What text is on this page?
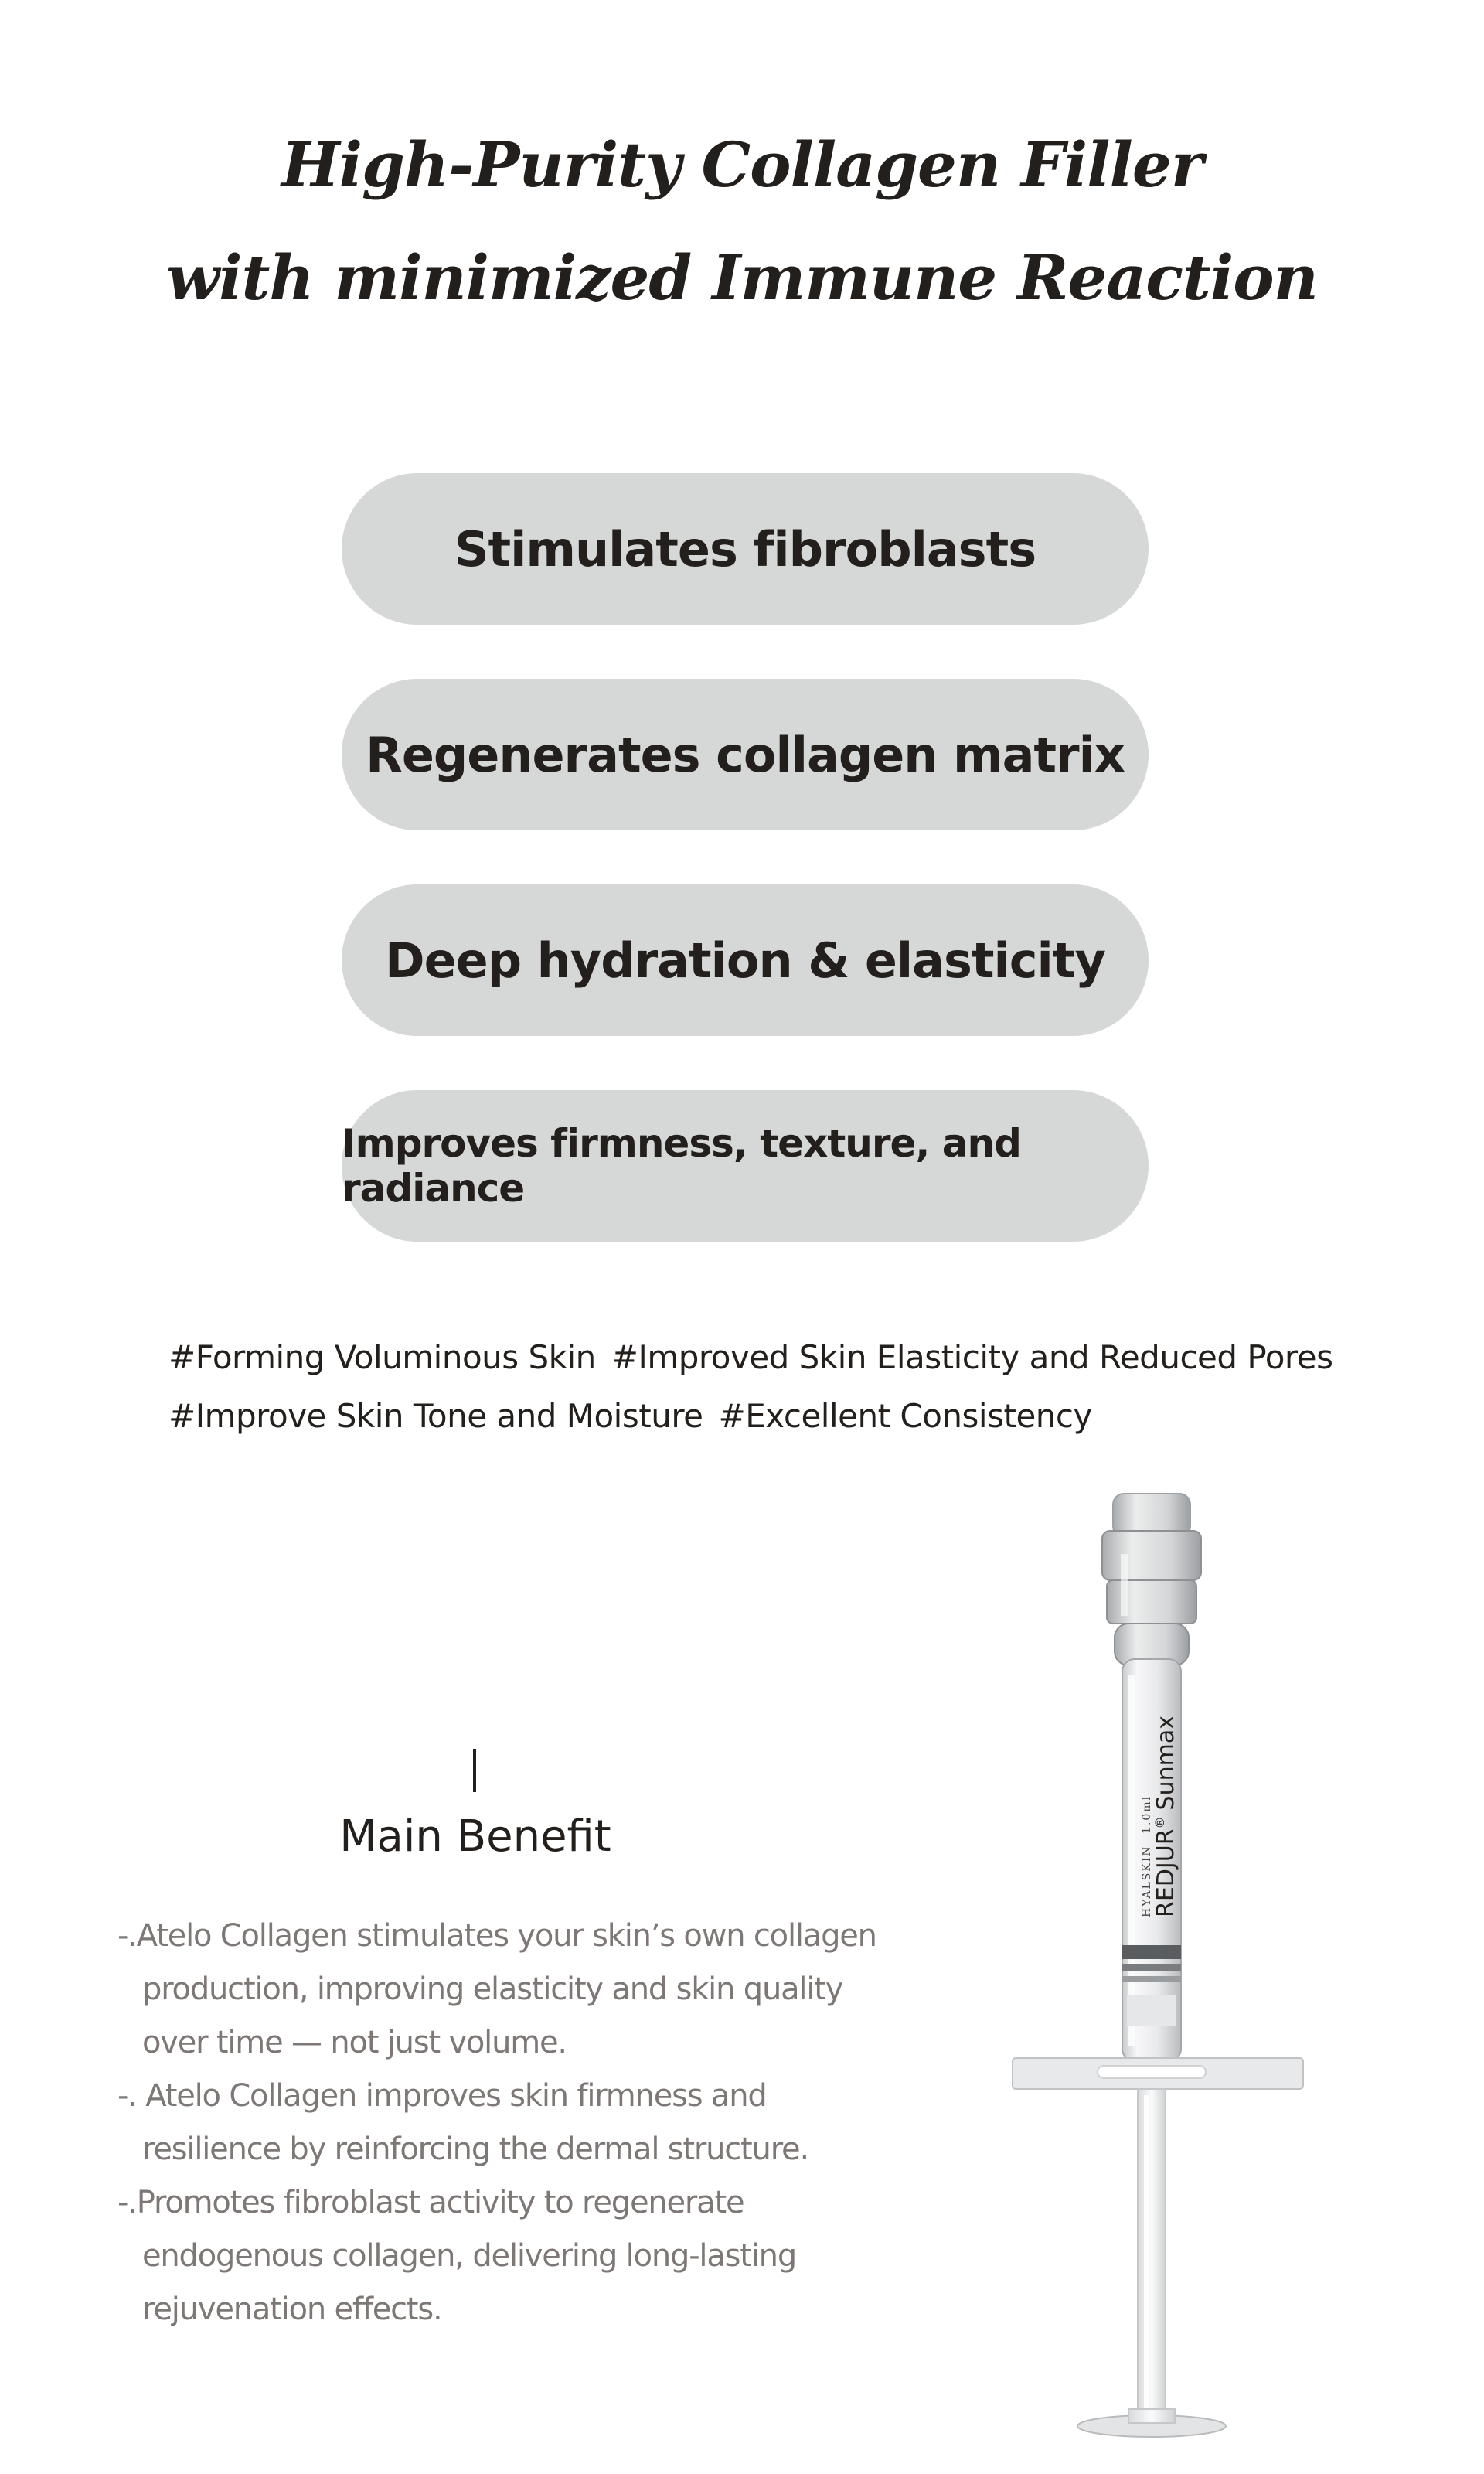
High-Purity Collagen Filler
with minimized Immune Reaction
Stimulates fibroblasts
Regenerates collagen matrix
Deep hydration & elasticity
Improves firmness, texture, and radiance
#Forming Voluminous Skin #Improved Skin Elasticity and Reduced Pores
#Improve Skin Tone and Moisture #Excellent Consistency
Main Benefit
-.Atelo Collagen stimulates your skin’s own collagen production, improving elasticity and skin quality over time — not just volume.
-. Atelo Collagen improves skin firmness and resilience by reinforcing the dermal structure.
-.Promotes fibroblast activity to regenerate endogenous collagen, delivering long-lasting rejuvenation effects.
HYALSKIN 1.0ml
REDJUR®Sunmax
